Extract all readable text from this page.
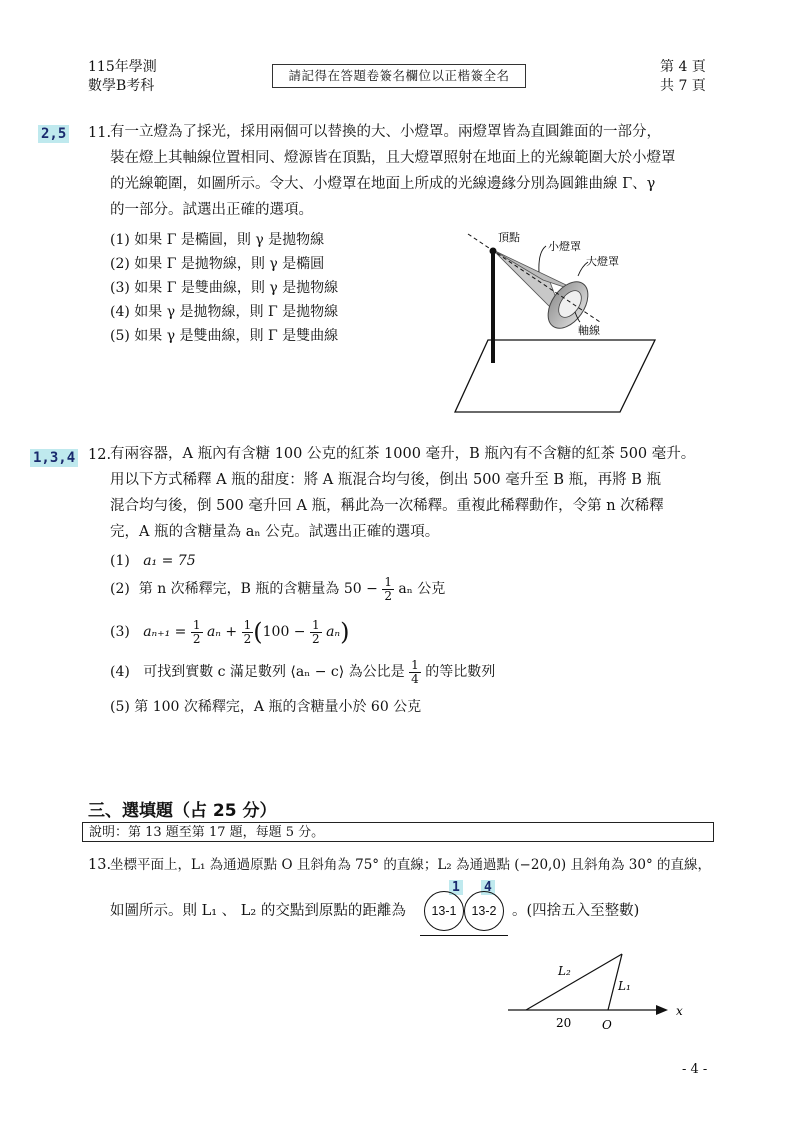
115年學測
數學B考科
請記得在答題卷簽名欄位以正楷簽全名
第 4 頁
共 7 頁
2,5 11.
有一立燈為了採光，採用兩個可以替換的大、小燈罩。兩燈罩皆為直圓錐面的一部分，
裝在燈上其軸線位置相同、燈源皆在頂點，且大燈罩照射在地面上的光線範圍大於小燈罩
的光線範圍，如圖所示。令大、小燈罩在地面上所成的光線邊緣分別為圓錐曲線 Γ、γ
的一部分。試選出正確的選項。
(1) 如果 Γ 是橢圓，則 γ 是拋物線
(2) 如果 Γ 是拋物線，則 γ 是橢圓
(3) 如果 Γ 是雙曲線，則 γ 是拋物線
(4) 如果 γ 是拋物線，則 Γ 是拋物線
(5) 如果 γ 是雙曲線，則 Γ 是雙曲線
頂點
小燈罩
大燈罩
軸線
1,3,4 12.
有兩容器，A 瓶內有含糖 100 公克的紅茶 1000 毫升，B 瓶內有不含糖的紅茶 500 毫升。
用以下方式稀釋 A 瓶的甜度：將 A 瓶混合均勻後，倒出 500 毫升至 B 瓶，再將 B 瓶
混合均勻後，倒 500 毫升回 A 瓶，稱此為一次稀釋。重複此稀釋動作，令第 n 次稀釋
完，A 瓶的含糖量為 aₙ 公克。試選出正確的選項。
(1) a₁ = 75
(2) 第 n 次稀釋完，B 瓶的含糖量為 $50 - \frac{1}{2}$ aₙ 公克
(3) $a_{n+1} = \frac{1}{2}$ $a_n + \frac{1}{2} (100 - \frac{1}{2} a_n)$
(4) 可找到實數 c 滿足數列 ⟨aₙ − c⟩ 為公比是 $\frac{1}{4}$ 的等比數列
(5) 第 100 次稀釋完，A 瓶的含糖量小於 60 公克
三、選填題（占 25 分）
說明：第 13 題至第 17 題，每題 5 分。
13.
坐標平面上，L₁ 為通過原點 O 且斜角為 75° 的直線；L₂ 為通過點 (−20,0) 且斜角為 30° 的直線，
1 4
如圖所示。則 L₁ 、 L₂ 的交點到原點的距離為	13-1	13-2	。(四捨五入至整數)
L₂
L₁
x
20	O
- 4 -
